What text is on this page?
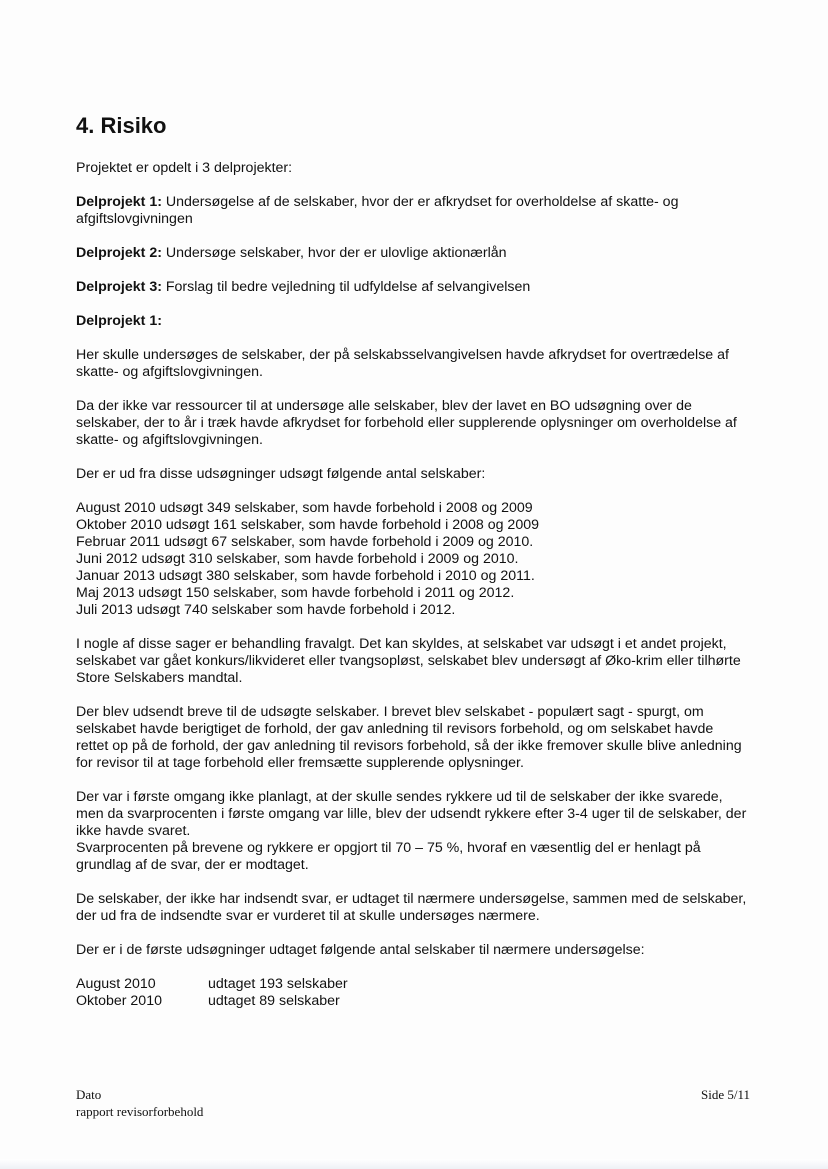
4. Risiko

Projektet er opdelt i 3 delprojekter:

Delprojekt 1: Undersøgelse af de selskaber, hvor der er afkrydset for overholdelse af skatte- og afgiftslovgivningen

Delprojekt 2: Undersøge selskaber, hvor der er ulovlige aktionærlån

Delprojekt 3: Forslag til bedre vejledning til udfyldelse af selvangivelsen

Delprojekt 1:

Her skulle undersøges de selskaber, der på selskabsselvangivelsen havde afkrydset for overtrædelse af skatte- og afgiftslovgivningen.

Da der ikke var ressourcer til at undersøge alle selskaber, blev der lavet en BO udsøgning over de selskaber, der to år i træk havde afkrydset for forbehold eller supplerende oplysninger om overholdelse af skatte- og afgiftslovgivningen.

Der er ud fra disse udsøgninger udsøgt følgende antal selskaber:

August 2010 udsøgt 349 selskaber, som havde forbehold i 2008 og 2009
Oktober 2010 udsøgt 161 selskaber, som havde forbehold i 2008 og 2009
Februar 2011 udsøgt 67 selskaber, som havde forbehold i 2009 og 2010.
Juni 2012 udsøgt 310 selskaber, som havde forbehold i 2009 og 2010.
Januar 2013 udsøgt 380 selskaber, som havde forbehold i 2010 og 2011.
Maj 2013 udsøgt 150 selskaber, som havde forbehold i 2011 og 2012.
Juli 2013 udsøgt 740 selskaber som havde forbehold i 2012.

I nogle af disse sager er behandling fravalgt. Det kan skyldes, at selskabet var udsøgt i et andet projekt, selskabet var gået konkurs/likvideret eller tvangsopløst, selskabet blev undersøgt af Øko-krim eller tilhørte Store Selskabers mandtal.

Der blev udsendt breve til de udsøgte selskaber. I brevet blev selskabet - populært sagt - spurgt, om selskabet havde berigtiget de forhold, der gav anledning til revisors forbehold, og om selskabet havde rettet op på de forhold, der gav anledning til revisors forbehold, så der ikke fremover skulle blive anledning for revisor til at tage forbehold eller fremsætte supplerende oplysninger.

Der var i første omgang ikke planlagt, at der skulle sendes rykkere ud til de selskaber der ikke svarede, men da svarprocenten i første omgang var lille, blev der udsendt rykkere efter 3-4 uger til de selskaber, der ikke havde svaret.
Svarprocenten på brevene og rykkere er opgjort til 70 – 75 %, hvoraf en væsentlig del er henlagt på grundlag af de svar, der er modtaget.

De selskaber, der ikke har indsendt svar, er udtaget til nærmere undersøgelse, sammen med de selskaber, der ud fra de indsendte svar er vurderet til at skulle undersøges nærmere.

Der er i de første udsøgninger udtaget følgende antal selskaber til nærmere undersøgelse:

August 2010	udtaget 193 selskaber
Oktober 2010	udtaget 89 selskaber
Dato
rapport revisorforbehold
Side 5/11
